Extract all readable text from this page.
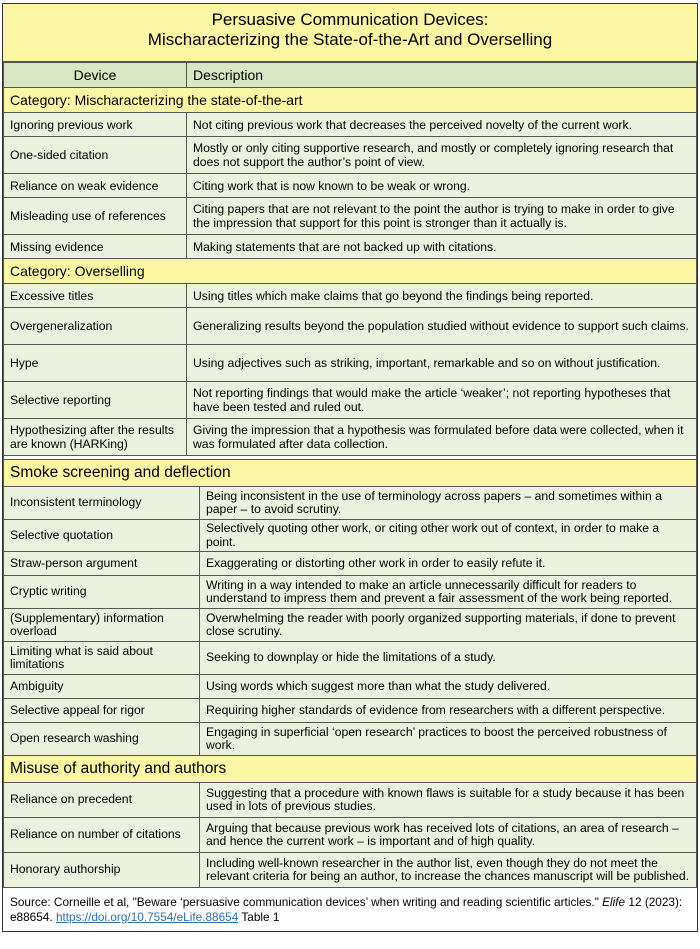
Persuasive Communication Devices:
Mischaracterizing the State-of-the-Art and Overselling
Device	Description
Category: Mischaracterizing the state-of-the-art	
Ignoring previous work	Not citing previous work that decreases the perceived novelty of the current work.
One-sided citation	Mostly or only citing supportive research, and mostly or completely ignoring research that does not support the author’s point of view.
Reliance on weak evidence	Citing work that is now known to be weak or wrong.
Misleading use of references	Citing papers that are not relevant to the point the author is trying to make in order to give the impression that support for this point is stronger than it actually is.
Missing evidence	Making statements that are not backed up with citations.
Category: Overselling	
Excessive titles	Using titles which make claims that go beyond the findings being reported.
Overgeneralization	Generalizing results beyond the population studied without evidence to support such claims.
Hype	Using adjectives such as striking, important, remarkable and so on without justification.
Selective reporting	Not reporting findings that would make the article ‘weaker’; not reporting hypotheses that have been tested and ruled out.
Hypothesizing after the results are known (HARKing)	Giving the impression that a hypothesis was formulated before data were collected, when it was formulated after data collection.
Smoke screening and deflection	
Inconsistent terminology	Being inconsistent in the use of terminology across papers – and sometimes within a paper – to avoid scrutiny.
Selective quotation	Selectively quoting other work, or citing other work out of context, in order to make a point.
Straw-person argument	Exaggerating or distorting other work in order to easily refute it.
Cryptic writing	Writing in a way intended to make an article unnecessarily difficult for readers to understand to impress them and prevent a fair assessment of the work being reported.
(Supplementary) information overload	Overwhelming the reader with poorly organized supporting materials, if done to prevent close scrutiny.
Limiting what is said about limitations	Seeking to downplay or hide the limitations of a study.
Ambiguity	Using words which suggest more than what the study delivered.
Selective appeal for rigor	Requiring higher standards of evidence from researchers with a different perspective.
Open research washing	Engaging in superficial ‘open research’ practices to boost the perceived robustness of work.
Misuse of authority and authors	
Reliance on precedent	Suggesting that a procedure with known flaws is suitable for a study because it has been used in lots of previous studies.
Reliance on number of citations	Arguing that because previous work has received lots of citations, an area of research – and hence the current work – is important and of high quality.
Honorary authorship	Including well-known researcher in the author list, even though they do not meet the relevant criteria for being an author, to increase the chances manuscript will be published.
Source: Corneille et al, "Beware ‘persuasive communication devices’ when writing and reading scientific articles." Elife 12 (2023): e88654. https://doi.org/10.7554/eLife.88654 Table 1
